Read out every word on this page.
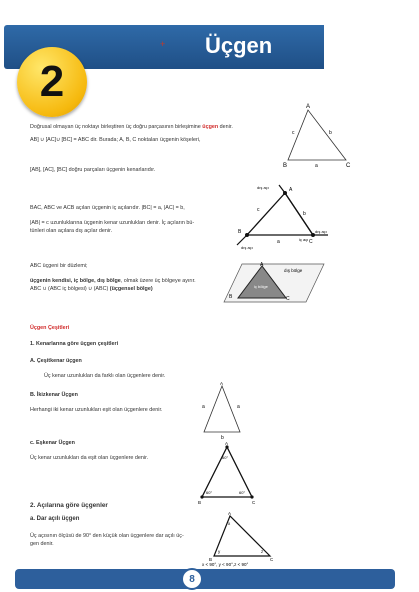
+ Üçgen
2
Doğrusal olmayan üç noktayı birleştiren üç doğru parçasının birleşimine üçgen denir.
AB] ∪ [AC]∪ [BC] = ABC dir. Burada; A, B, C noktaları üçgenin köşeleri,
[AB], [AC], [BC] doğru parçaları üçgenin kenarlarıdır.
BAC, ABC ve ACB açıları üçgenin iç açılarıdır. |BC| = a, |AC| = b,
|AB| = c uzunluklarına üçgenin kenar uzunlukları denir. İç açıların bü-
tünleri olan açılara dış açılar denir.
ABC üçgeni bir düzlemi;
üçgenin kendisi, iç bölge, dış bölge, olmak üzere üç bölgeye ayırır.
ABC ∪ (ABC iç bölgesi) ∪ (ABC) (üçgensel bölge)
Üçgen Çeşitleri
1. Kenarlarına göre üçgen çeşitleri
A. Çeşitkenar üçgen
Üç kenar uzunlukları da farklı olan üçgenlere denir.
B. İkizkenar Üçgen
Herhangi iki kenar uzunlukları eşit olan üçgenlere denir.
c. Eşkenar Üçgen
Üç kenar uzunlukları da eşit olan üçgenlere denir.
2. Açılarına göre üçgenler
a. Dar açılı üçgen
Üç açısının ölçüsü de 90° den küçük olan üçgenlere dar açılı üç-
gen denir.
A
B	C
a
b
c
A
B
C
dış açı
dış açı
dış açı
iç açı
a
b
c
A
B	C
dış bölge
iç bölge
A
a	a
b
A
B	C
60°
60°	60°
A
B	C
x
y	z
x < 90°, y < 90°,z < 90°
8
